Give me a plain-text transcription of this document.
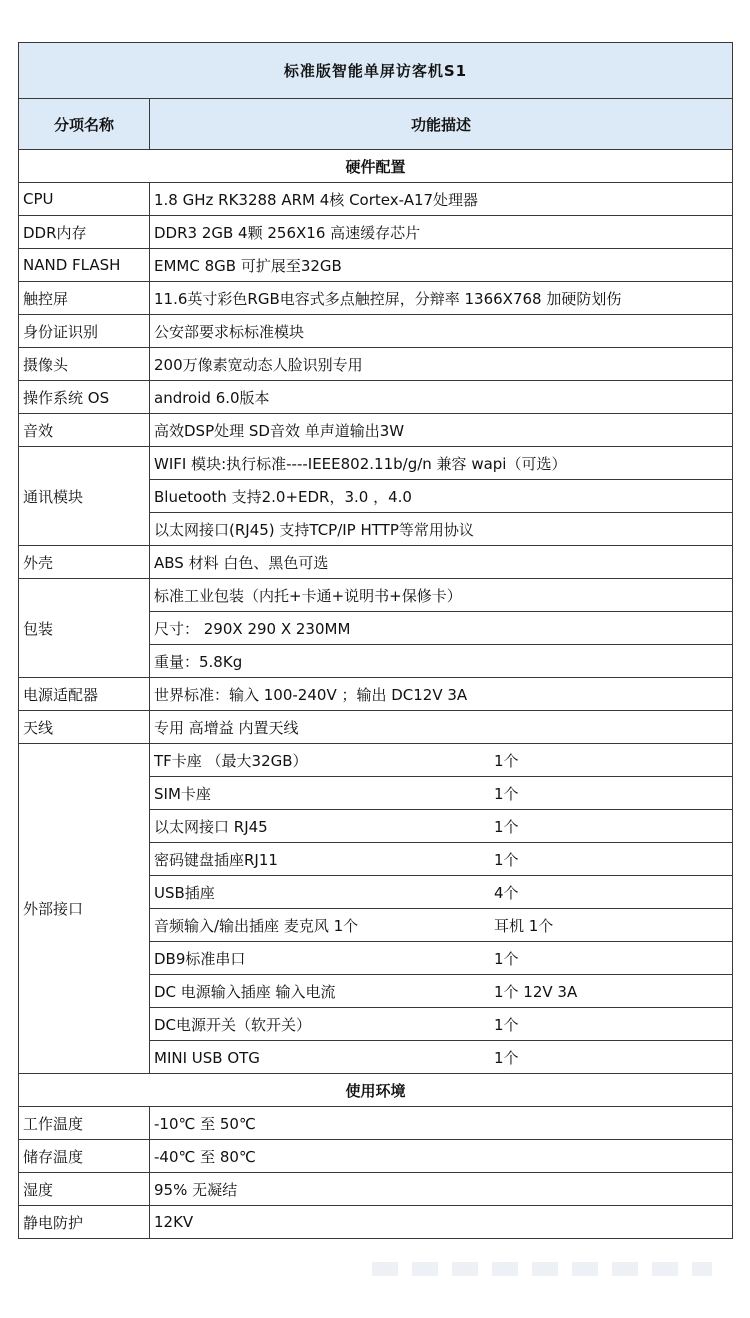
标准版智能单屏访客机S1	
分项名称	功能描述
硬件配置	
CPU	1.8 GHz RK3288 ARM 4核 Cortex-A17处理器
DDR内存	DDR3 2GB 4颗 256X16 高速缓存芯片
NAND FLASH	EMMC 8GB 可扩展至32GB
触控屏	11.6英寸彩色RGB电容式多点触控屏，分辩率 1366X768 加硬防划伤
身份证识别	公安部要求标标准模块
摄像头	200万像素宽动态人脸识别专用
操作系统 OS	android 6.0版本
音效	高效DSP处理 SD音效 单声道输出3W
通讯模块	WIFI 模块:执行标准----IEEE802.11b/g/n 兼容 wapi（可选）
	Bluetooth 支持2.0+EDR，3.0 ，4.0
	以太网接口(RJ45) 支持TCP/IP HTTP等常用协议
外壳	ABS 材料 白色、黑色可选
包装	标准工业包装（内托+卡通+说明书+保修卡）
	尺寸： 290X 290 X 230MM
	重量：5.8Kg
电源适配器	世界标准：输入 100-240V ；输出 DC12V 3A
天线	专用 高增益 内置天线
外部接口	TF卡座 （最大32GB） 1个
	SIM卡座 1个
	以太网接口 RJ45 1个
	密码键盘插座RJ11 1个
	USB插座 4个
	音频输入/输出插座 麦克风 1个 耳机 1个
	DB9标准串口 1个
	DC 电源输入插座 输入电流 1个 12V 3A
	DC电源开关（软开关） 1个
	MINI USB OTG 1个
使用环境	
工作温度	-10℃ 至 50℃
储存温度	-40℃ 至 80℃
湿度	95% 无凝结
静电防护	12KV
